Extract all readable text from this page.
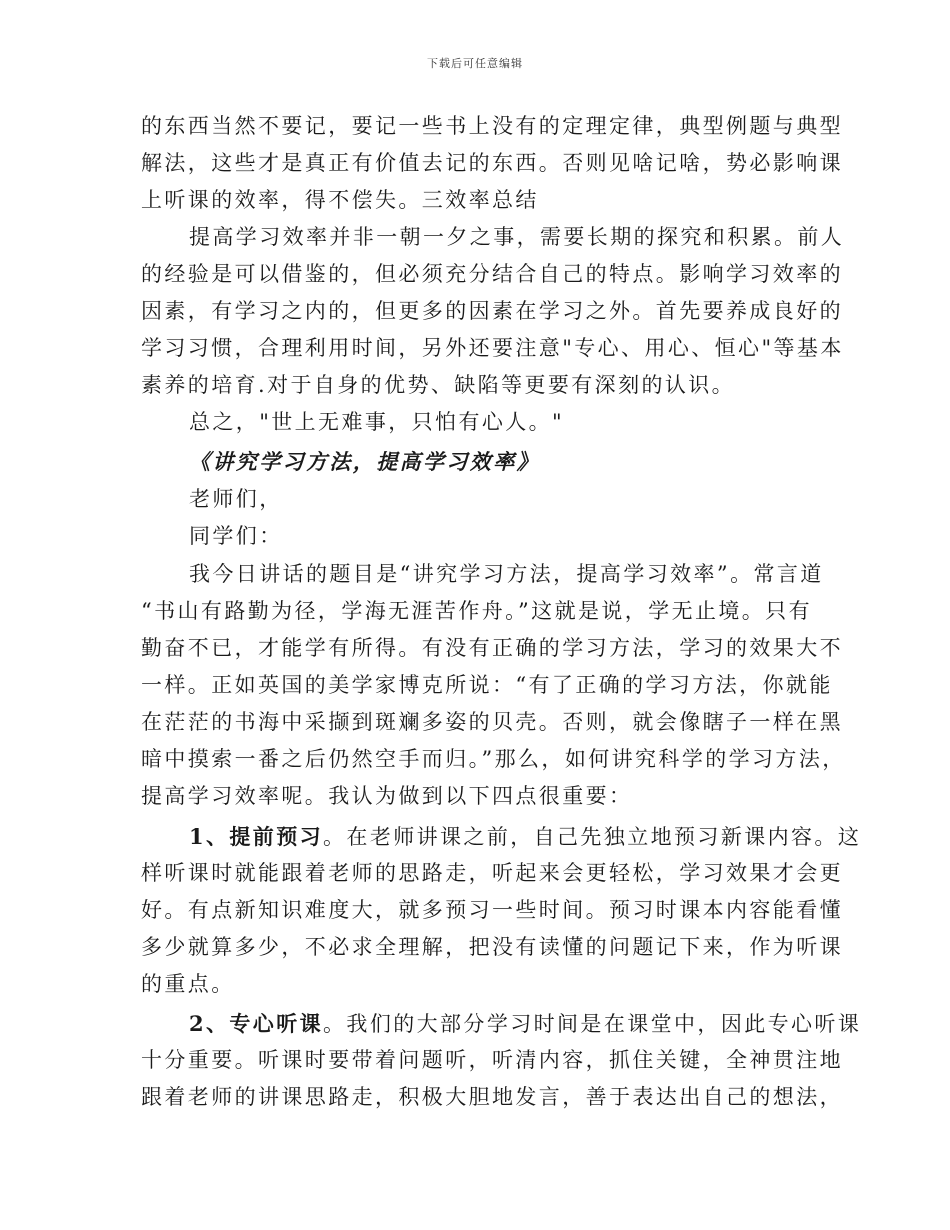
下载后可任意编辑
的东西当然不要记，要记一些书上没有的定理定律，典型例题与典型
解法，这些才是真正有价值去记的东西。否则见啥记啥，势必影响课
上听课的效率，得不偿失。三效率总结
提高学习效率并非一朝一夕之事，需要长期的探究和积累。前人
的经验是可以借鉴的，但必须充分结合自己的特点。影响学习效率的
因素，有学习之内的，但更多的因素在学习之外。首先要养成良好的
学习习惯，合理利用时间，另外还要注意"专心、用心、恒心"等基本
素养的培育.对于自身的优势、缺陷等更要有深刻的认识。
总之，"世上无难事，只怕有心人。"
《讲究学习方法，提高学习效率》
老师们，
同学们：
我今日讲话的题目是“讲究学习方法，提高学习效率”。常言道
“书山有路勤为径，学海无涯苦作舟。”这就是说，学无止境。只有
勤奋不已，才能学有所得。有没有正确的学习方法，学习的效果大不
一样。正如英国的美学家博克所说：“有了正确的学习方法，你就能
在茫茫的书海中采撷到斑斓多姿的贝壳。否则，就会像瞎子一样在黑
暗中摸索一番之后仍然空手而归。”那么，如何讲究科学的学习方法，
提高学习效率呢。我认为做到以下四点很重要：
1、提前预习。在老师讲课之前，自己先独立地预习新课内容。这
样听课时就能跟着老师的思路走，听起来会更轻松，学习效果才会更
好。有点新知识难度大，就多预习一些时间。预习时课本内容能看懂
多少就算多少，不必求全理解，把没有读懂的问题记下来，作为听课
的重点。
2、专心听课。我们的大部分学习时间是在课堂中，因此专心听课
十分重要。听课时要带着问题听，听清内容，抓住关键，全神贯注地
跟着老师的讲课思路走，积极大胆地发言，善于表达出自己的想法，
